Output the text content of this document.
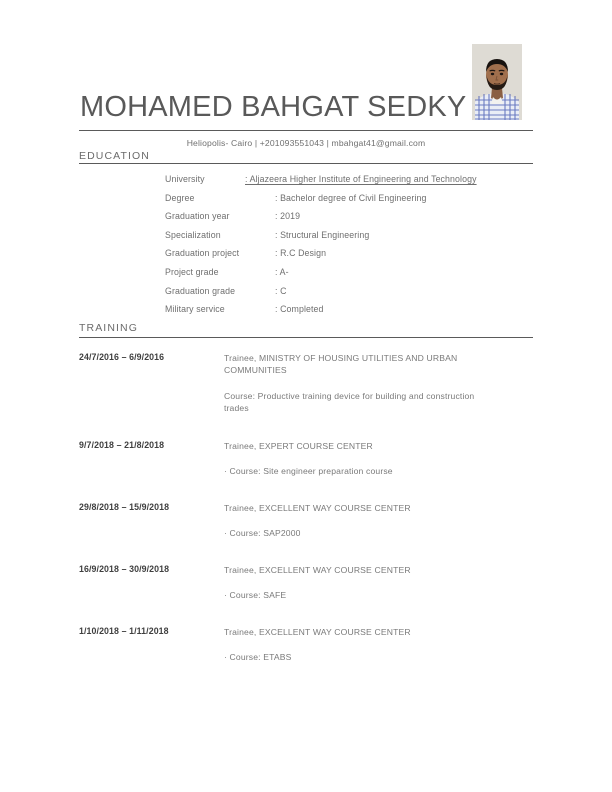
MOHAMED BAHGAT SEDKY
Heliopolis- Cairo | +201093551043 | mbahgat41@gmail.com
EDUCATION
University	: Aljazeera Higher Institute of Engineering and Technology
Degree	: Bachelor degree of Civil Engineering
Graduation year	: 2019
Specialization	: Structural Engineering
Graduation project	: R.C Design
Project grade	: A-
Graduation grade	: C
Military service	: Completed
TRAINING
24/7/2016 – 6/9/2016	Trainee, MINISTRY OF HOUSING UTILITIES AND URBAN COMMUNITIES
Course: Productive training device for building and construction trades
9/7/2018 – 21/8/2018	Trainee, EXPERT COURSE CENTER
· Course: Site engineer preparation course
29/8/2018 – 15/9/2018	Trainee, EXCELLENT WAY COURSE CENTER
· Course: SAP2000
16/9/2018 – 30/9/2018	Trainee, EXCELLENT WAY COURSE CENTER
· Course: SAFE
1/10/2018 – 1/11/2018	Trainee, EXCELLENT WAY COURSE CENTER
· Course: ETABS
